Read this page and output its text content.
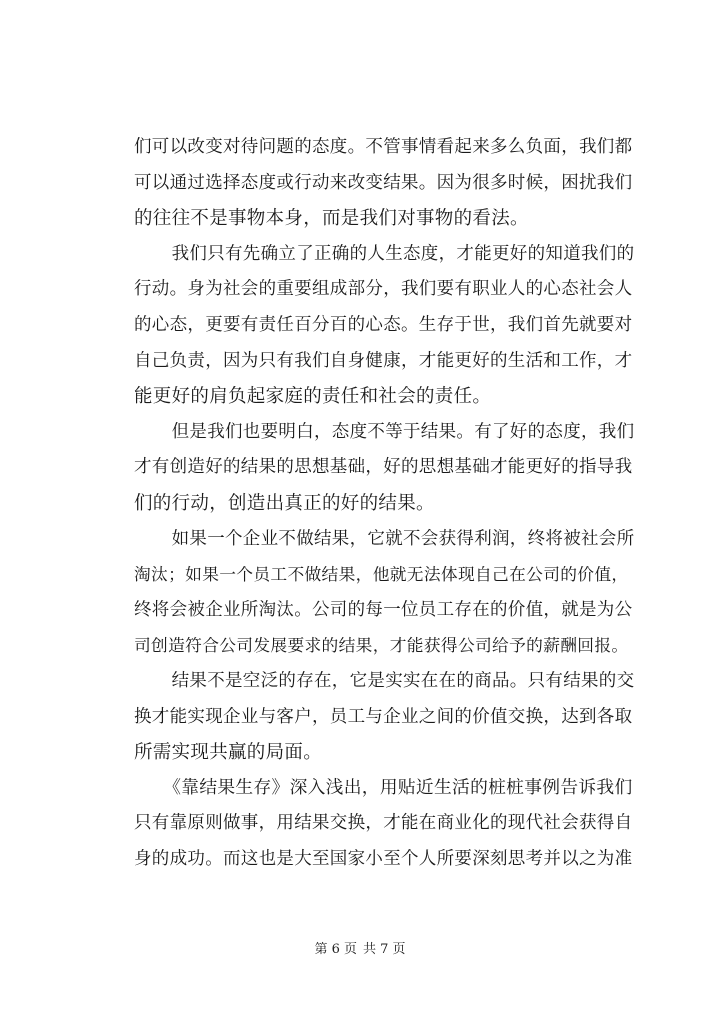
们可以改变对待问题的态度。不管事情看起来多么负面，我们都
可以通过选择态度或行动来改变结果。因为很多时候，困扰我们
的往往不是事物本身，而是我们对事物的看法。
　　我们只有先确立了正确的人生态度，才能更好的知道我们的
行动。身为社会的重要组成部分，我们要有职业人的心态社会人
的心态，更要有责任百分百的心态。生存于世，我们首先就要对
自己负责，因为只有我们自身健康，才能更好的生活和工作，才
能更好的肩负起家庭的责任和社会的责任。
　　但是我们也要明白，态度不等于结果。有了好的态度，我们
才有创造好的结果的思想基础，好的思想基础才能更好的指导我
们的行动，创造出真正的好的结果。
　　如果一个企业不做结果，它就不会获得利润，终将被社会所
淘汰；如果一个员工不做结果，他就无法体现自己在公司的价值，
终将会被企业所淘汰。公司的每一位员工存在的价值，就是为公
司创造符合公司发展要求的结果，才能获得公司给予的薪酬回报。
　　结果不是空泛的存在，它是实实在在的商品。只有结果的交
换才能实现企业与客户，员工与企业之间的价值交换，达到各取
所需实现共赢的局面。
　　《靠结果生存》深入浅出，用贴近生活的桩桩事例告诉我们
只有靠原则做事，用结果交换，才能在商业化的现代社会获得自
身的成功。而这也是大至国家小至个人所要深刻思考并以之为准
第 6 页 共 7 页
